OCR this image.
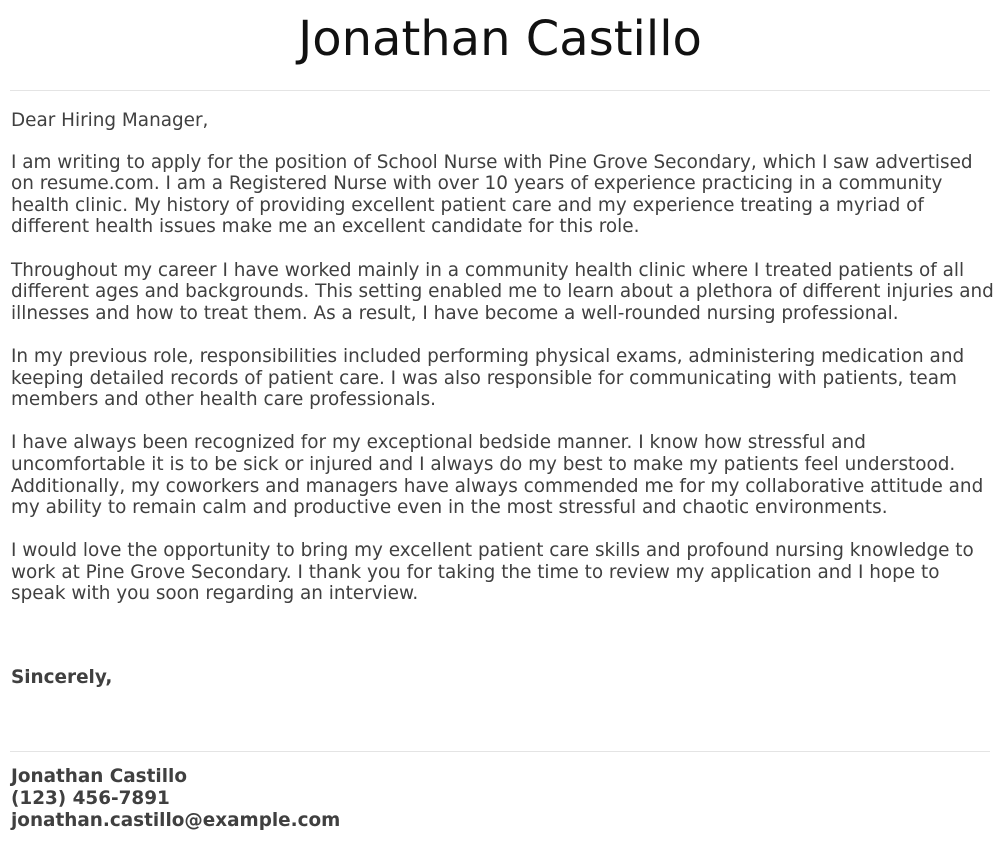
Jonathan Castillo

Dear Hiring Manager,

I am writing to apply for the position of School Nurse with Pine Grove Secondary, which I saw advertised on resume.com. I am a Registered Nurse with over 10 years of experience practicing in a community health clinic. My history of providing excellent patient care and my experience treating a myriad of different health issues make me an excellent candidate for this role.

Throughout my career I have worked mainly in a community health clinic where I treated patients of all different ages and backgrounds. This setting enabled me to learn about a plethora of different injuries and illnesses and how to treat them. As a result, I have become a well-rounded nursing professional.

In my previous role, responsibilities included performing physical exams, administering medication and keeping detailed records of patient care. I was also responsible for communicating with patients, team members and other health care professionals.

I have always been recognized for my exceptional bedside manner. I know how stressful and uncomfortable it is to be sick or injured and I always do my best to make my patients feel understood. Additionally, my coworkers and managers have always commended me for my collaborative attitude and my ability to remain calm and productive even in the most stressful and chaotic environments.

I would love the opportunity to bring my excellent patient care skills and profound nursing knowledge to work at Pine Grove Secondary. I thank you for taking the time to review my application and I hope to speak with you soon regarding an interview.

Sincerely,

Jonathan Castillo
(123) 456-7891
jonathan.castillo@example.com
